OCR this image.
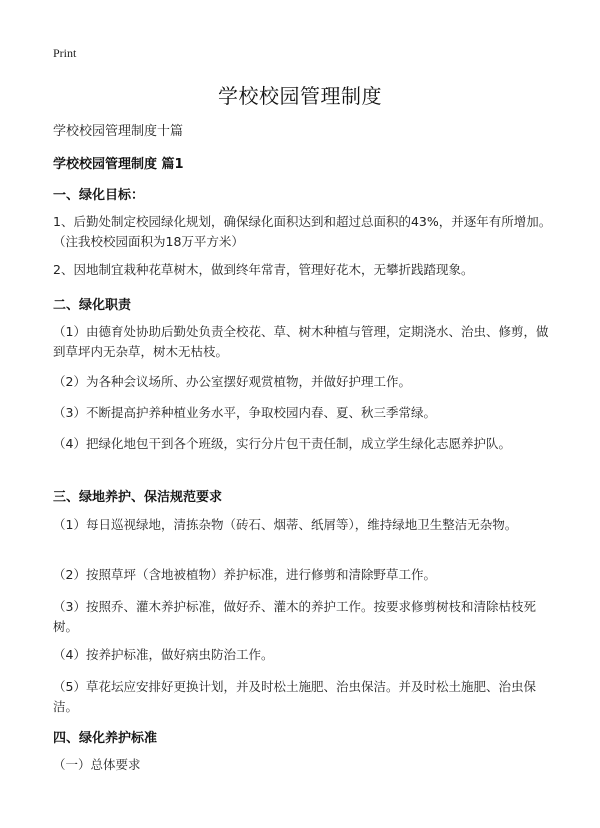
Print
学校校园管理制度
学校校园管理制度十篇
学校校园管理制度 篇1
一、绿化目标：
1、后勤处制定校园绿化规划，确保绿化面积达到和超过总面积的43%，并逐年有所增加。（注我校校园面积为18万平方米）
2、因地制宜栽种花草树木，做到终年常青，管理好花木，无攀折践踏现象。
二、绿化职责
（1）由德育处协助后勤处负责全校花、草、树木种植与管理，定期浇水、治虫、修剪，做到草坪内无杂草，树木无枯枝。
（2）为各种会议场所、办公室摆好观赏植物，并做好护理工作。
（3）不断提高护养种植业务水平，争取校园内春、夏、秋三季常绿。
（4）把绿化地包干到各个班级，实行分片包干责任制，成立学生绿化志愿养护队。
三、绿地养护、保洁规范要求
（1）每日巡视绿地，清拣杂物（砖石、烟蒂、纸屑等），维持绿地卫生整洁无杂物。
（2）按照草坪（含地被植物）养护标准，进行修剪和清除野草工作。
（3）按照乔、灌木养护标准，做好乔、灌木的养护工作。按要求修剪树枝和清除枯枝死树。
（4）按养护标准，做好病虫防治工作。
（5）草花坛应安排好更换计划，并及时松土施肥、治虫保洁。并及时松土施肥、治虫保洁。
四、绿化养护标准
（一）总体要求
